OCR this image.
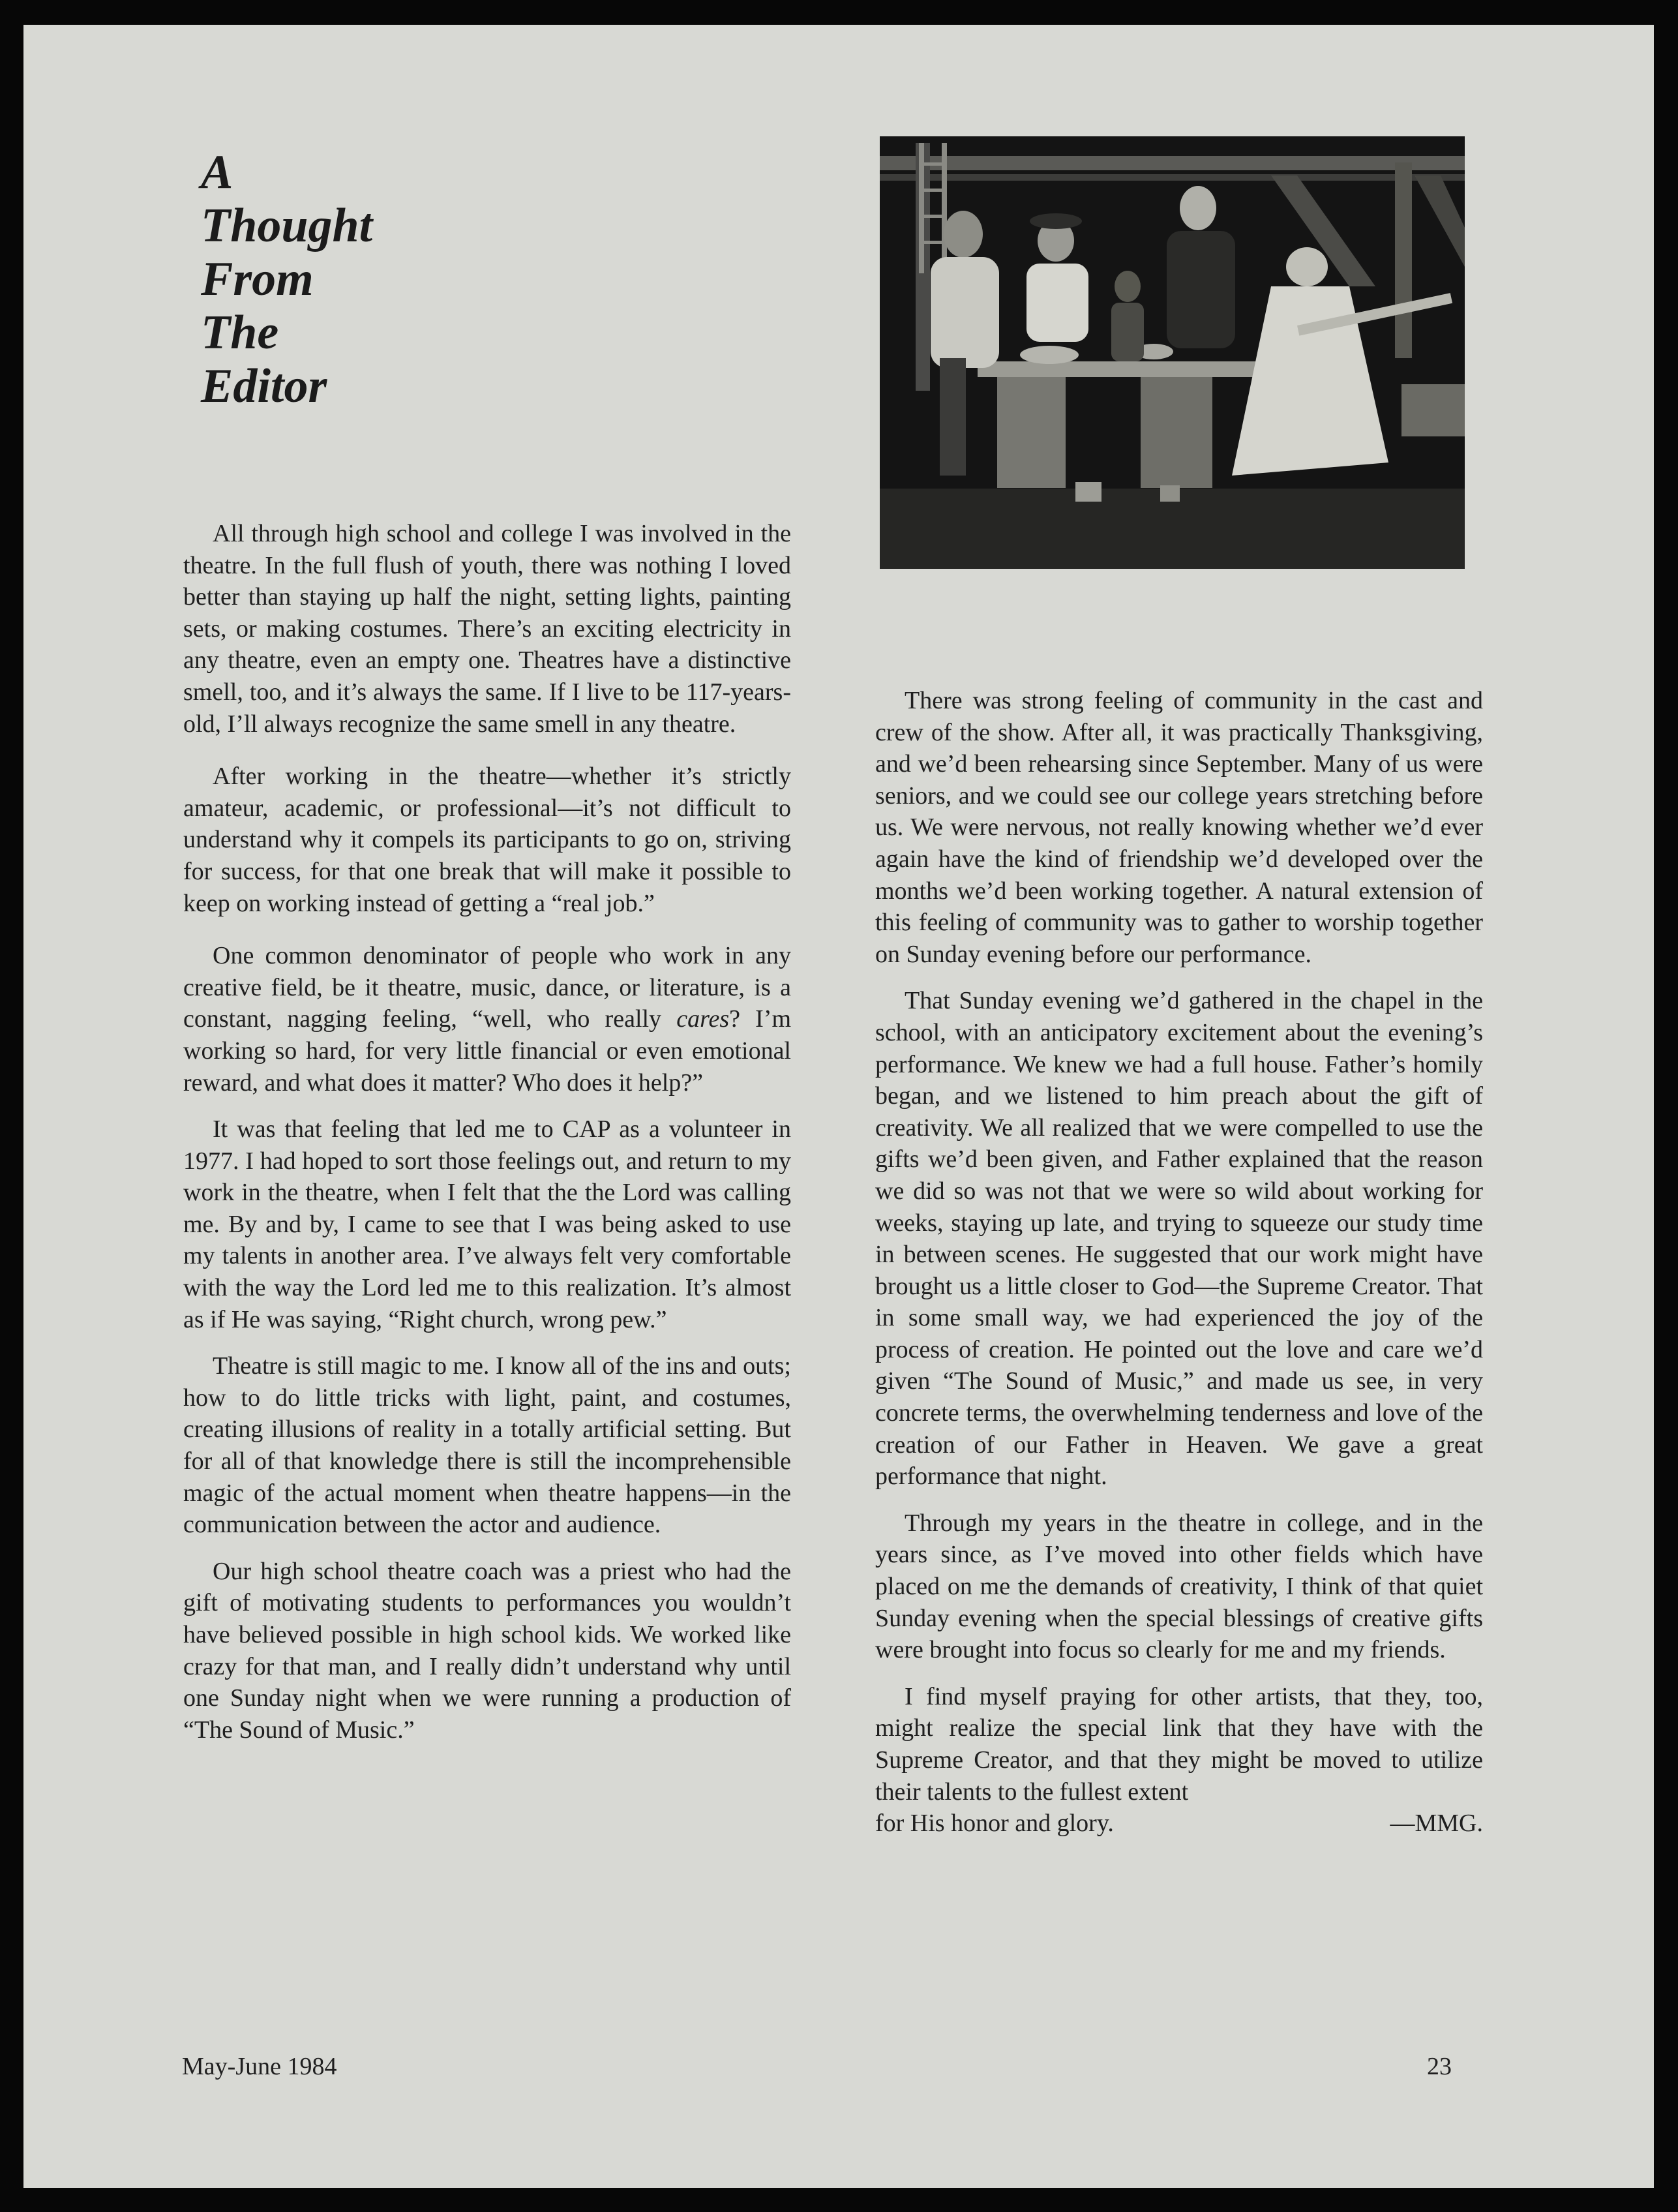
A
Thought
From
The
Editor

All through high school and college I was involved in the theatre. In the full flush of youth, there was nothing I loved better than staying up half the night, setting lights, painting sets, or making costumes. There’s an exciting electricity in any theatre, even an empty one. Theatres have a distinctive smell, too, and it’s always the same. If I live to be 117-years-old, I’ll always recognize the same smell in any theatre.

After working in the theatre—whether it’s strictly amateur, academic, or professional—it’s not difficult to understand why it compels its participants to go on, striving for success, for that one break that will make it possible to keep on working instead of getting a “real job.”

One common denominator of people who work in any creative field, be it theatre, music, dance, or literature, is a constant, nagging feeling, “well, who really cares? I’m working so hard, for very little financial or even emotional reward, and what does it matter? Who does it help?”

It was that feeling that led me to CAP as a volunteer in 1977. I had hoped to sort those feelings out, and return to my work in the theatre, when I felt that the the Lord was calling me. By and by, I came to see that I was being asked to use my talents in another area. I’ve always felt very comfortable with the way the Lord led me to this realization. It’s almost as if He was saying, “Right church, wrong pew.”

Theatre is still magic to me. I know all of the ins and outs; how to do little tricks with light, paint, and costumes, creating illusions of reality in a totally artificial setting. But for all of that knowledge there is still the incomprehensible magic of the actual moment when theatre happens—in the communication between the actor and audience.

Our high school theatre coach was a priest who had the gift of motivating students to performances you wouldn’t have believed possible in high school kids. We worked like crazy for that man, and I really didn’t understand why until one Sunday night when we were running a production of “The Sound of Music.”

There was strong feeling of community in the cast and crew of the show. After all, it was practically Thanksgiving, and we’d been rehearsing since September. Many of us were seniors, and we could see our college years stretching before us. We were nervous, not really knowing whether we’d ever again have the kind of friendship we’d developed over the months we’d been working together. A natural extension of this feeling of community was to gather to worship together on Sunday evening before our performance.

That Sunday evening we’d gathered in the chapel in the school, with an anticipatory excitement about the evening’s performance. We knew we had a full house. Father’s homily began, and we listened to him preach about the gift of creativity. We all realized that we were compelled to use the gifts we’d been given, and Father explained that the reason we did so was not that we were so wild about working for weeks, staying up late, and trying to squeeze our study time in between scenes. He suggested that our work might have brought us a little closer to God—the Supreme Creator. That in some small way, we had experienced the joy of the process of creation. He pointed out the love and care we’d given “The Sound of Music,” and made us see, in very concrete terms, the overwhelming tenderness and love of the creation of our Father in Heaven. We gave a great performance that night.

Through my years in the theatre in college, and in the years since, as I’ve moved into other fields which have placed on me the demands of creativity, I think of that quiet Sunday evening when the special blessings of creative gifts were brought into focus so clearly for me and my friends.

I find myself praying for other artists, that they, too, might realize the special link that they have with the Supreme Creator, and that they might be moved to utilize their talents to the fullest extent

for His honor and glory.	—MMG.
May-June 1984	23
